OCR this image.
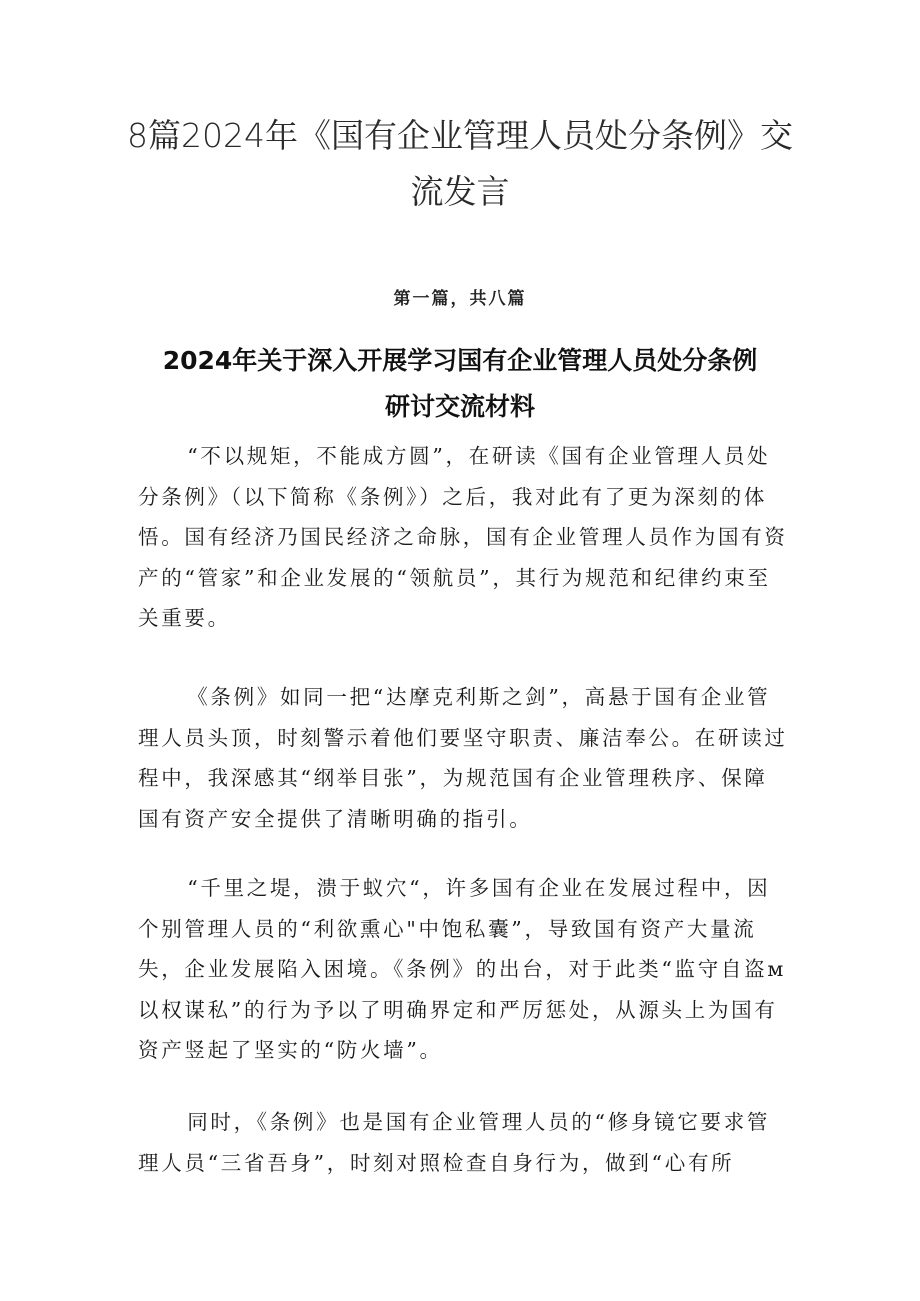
8篇2024年《国有企业管理人员处分条例》交流发言
第一篇，共八篇
2024年关于深入开展学习国有企业管理人员处分条例研讨交流材料

“不以规矩，不能成方圆”，在研读《国有企业管理人员处分条例》（以下简称《条例》）之后，我对此有了更为深刻的体悟。国有经济乃国民经济之命脉，国有企业管理人员作为国有资产的“管家”和企业发展的“领航员”，其行为规范和纪律约束至关重要。

《条例》如同一把“达摩克利斯之剑”，高悬于国有企业管理人员头顶，时刻警示着他们要坚守职责、廉洁奉公。在研读过程中，我深感其“纲举目张”，为规范国有企业管理秩序、保障国有资产安全提供了清晰明确的指引。

“千里之堤，溃于蚁穴“，许多国有企业在发展过程中，因个别管理人员的“利欲熏心"中饱私囊”，导致国有资产大量流失，企业发展陷入困境。《条例》的出台，对于此类“监守自盗м以权谋私”的行为予以了明确界定和严厉惩处，从源头上为国有资产竖起了坚实的“防火墙”。

同时，《条例》也是国有企业管理人员的“修身镜它要求管理人员“三省吾身”，时刻对照检查自身行为，做到“心有所
